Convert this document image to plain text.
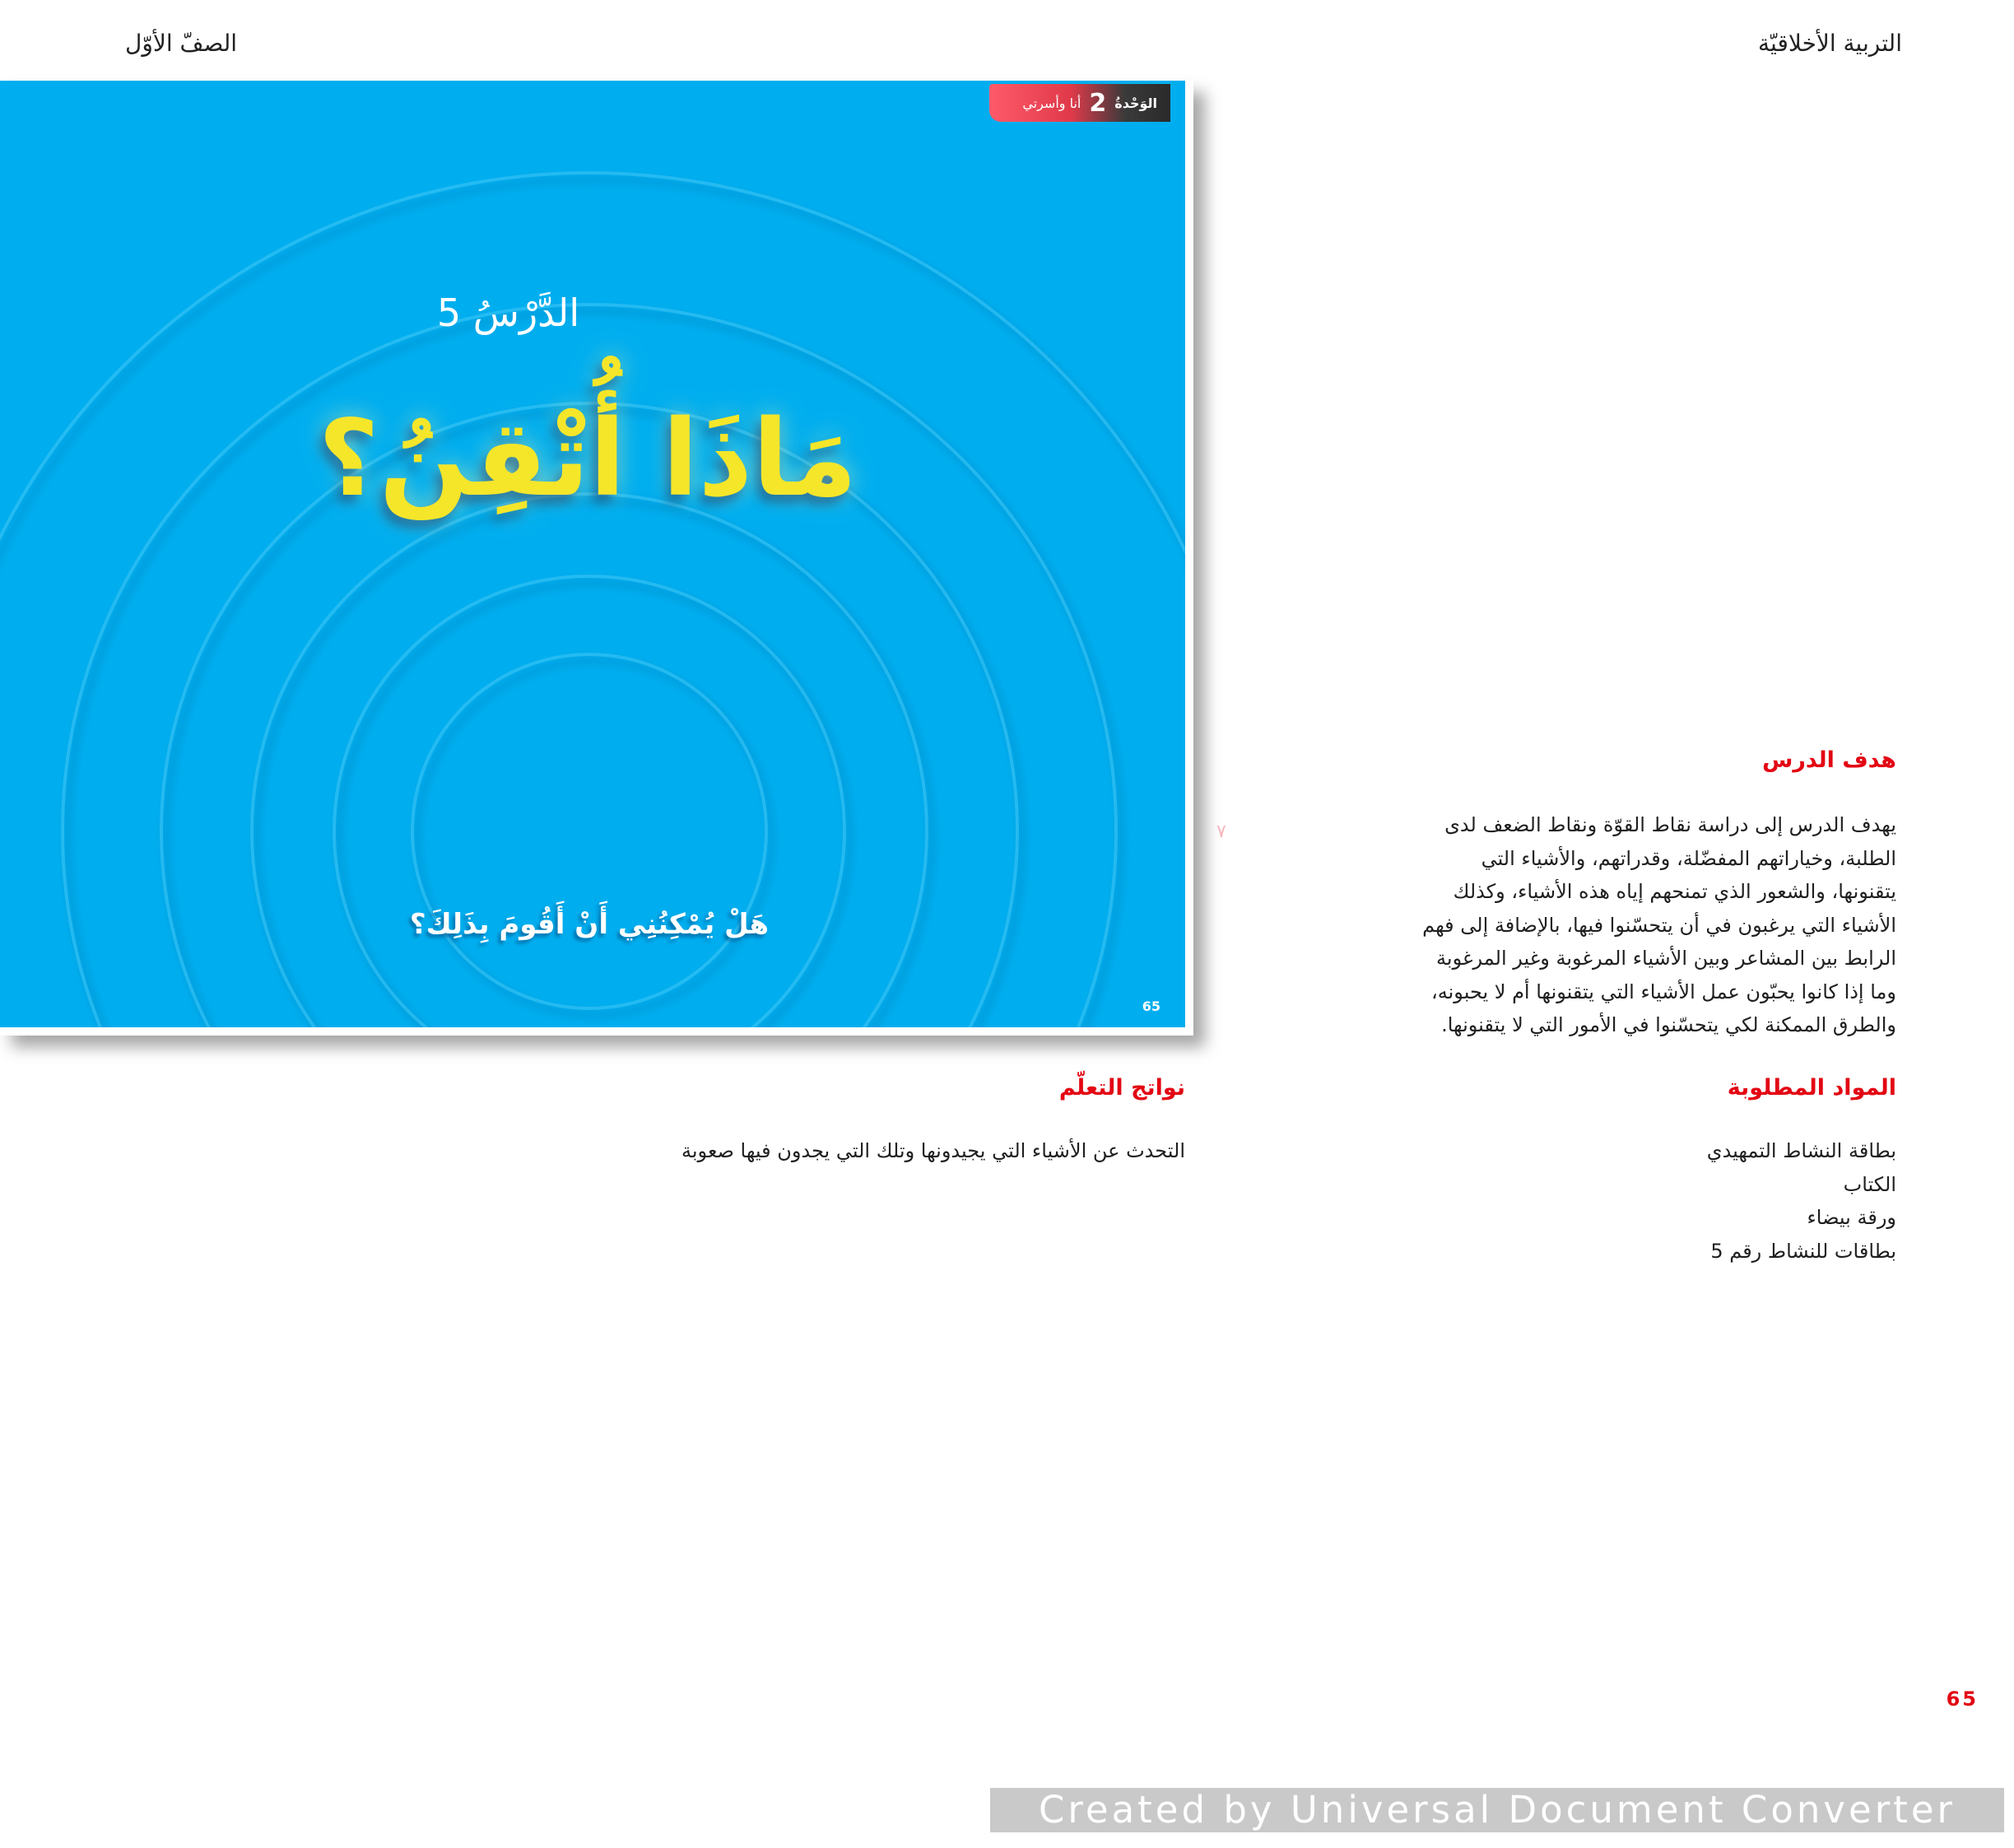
التربية الأخلاقيّة
الصفّ الأوّل
الوَحْدةُ
2
أنا وأسرتي
الدَّرْسُ 5
مَاذَا أُتْقِنُ؟
هَلْ يُمْكِنُنِي أَنْ أَقُومَ بِذَلِكَ؟
65
٧
هدف الدرس
يهدف الدرس إلى دراسة نقاط القوّة ونقاط الضعف لدى
الطلبة، وخياراتهم المفضّلة، وقدراتهم، والأشياء التي
يتقنونها، والشعور الذي تمنحهم إياه هذه الأشياء، وكذلك
الأشياء التي يرغبون في أن يتحسّنوا فيها، بالإضافة إلى فهم
الرابط بين المشاعر وبين الأشياء المرغوبة وغير المرغوبة
وما إذا كانوا يحبّون عمل الأشياء التي يتقنونها أم لا يحبونه،
والطرق الممكنة لكي يتحسّنوا في الأمور التي لا يتقنونها.
المواد المطلوبة
بطاقة النشاط التمهيدي
الكتاب
ورقة بيضاء
بطاقات للنشاط رقم 5
نواتج التعلّم
التحدث عن الأشياء التي يجيدونها وتلك التي يجدون فيها صعوبة
65
Created by Universal Document Converter
